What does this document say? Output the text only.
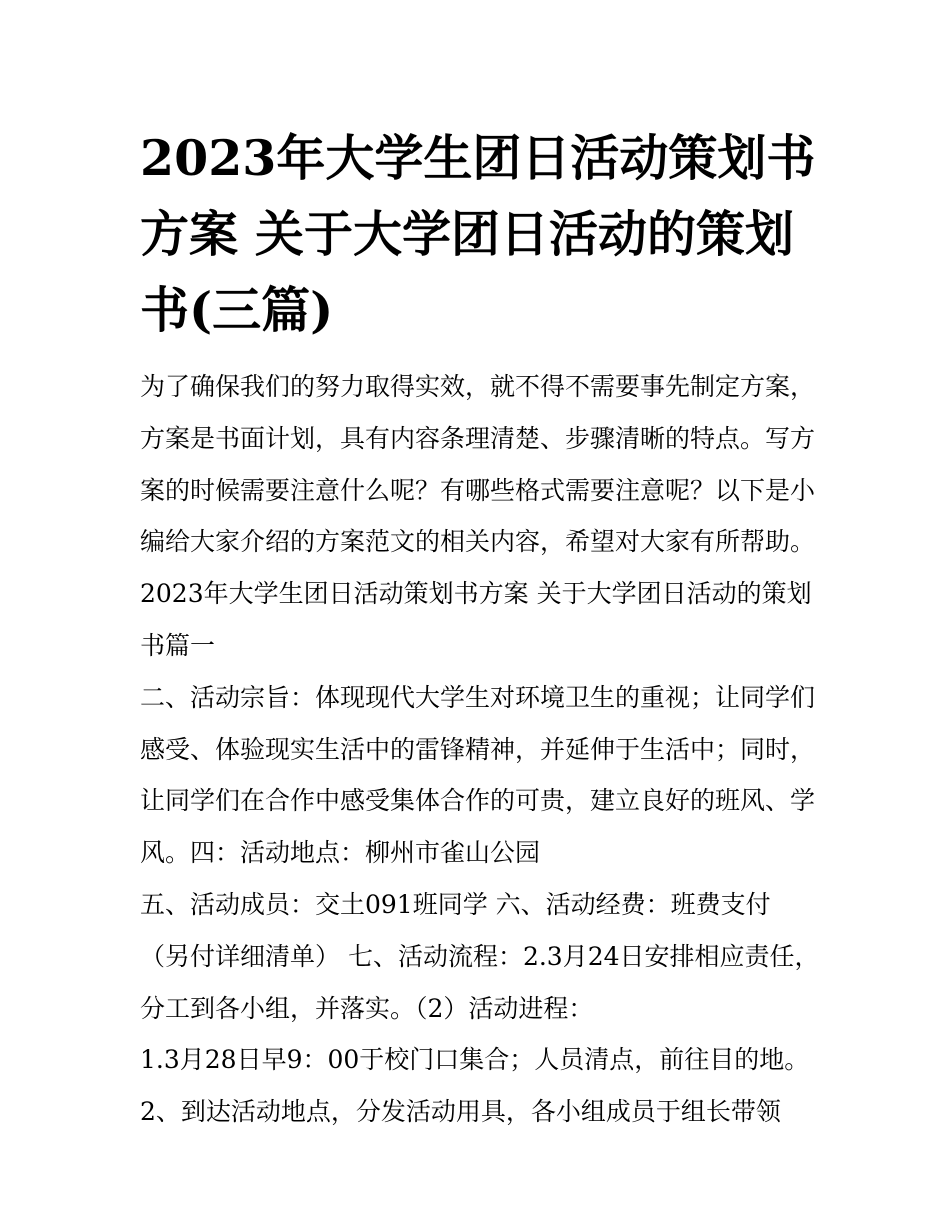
2023年大学生团日活动策划书
方案 关于大学团日活动的策划
书(三篇)
为了确保我们的努力取得实效，就不得不需要事先制定方案，
方案是书面计划，具有内容条理清楚、步骤清晰的特点。写方
案的时候需要注意什么呢？有哪些格式需要注意呢？以下是小
编给大家介绍的方案范文的相关内容，希望对大家有所帮助。
2023年大学生团日活动策划书方案 关于大学团日活动的策划
书篇一
二、活动宗旨：体现现代大学生对环境卫生的重视；让同学们
感受、体验现实生活中的雷锋精神，并延伸于生活中；同时，
让同学们在合作中感受集体合作的可贵，建立良好的班风、学
风。四：活动地点：柳州市雀山公园
五、活动成员：交土091班同学 六、活动经费：班费支付
（另付详细清单） 七、活动流程：2.3月24日安排相应责任，
分工到各小组，并落实。（2）活动进程：
1.3月28日早9：00于校门口集合；人员清点，前往目的地。
2、到达活动地点，分发活动用具，各小组成员于组长带领
